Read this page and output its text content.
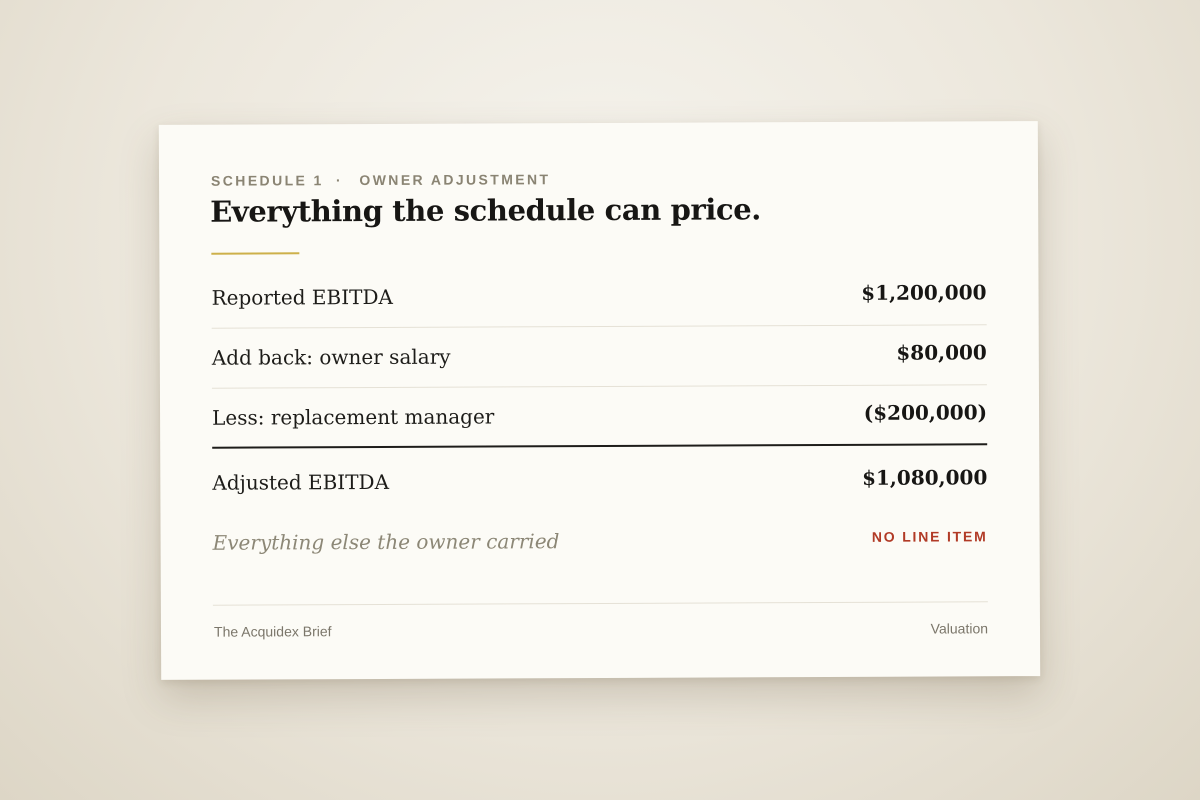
SCHEDULE 1 · OWNER ADJUSTMENT
Everything the schedule can price.
Reported EBITDA	$1,200,000
Add back: owner salary	$80,000
Less: replacement manager	($200,000)
Adjusted EBITDA	$1,080,000
Everything else the owner carried	NO LINE ITEM
The Acquidex Brief	Valuation
